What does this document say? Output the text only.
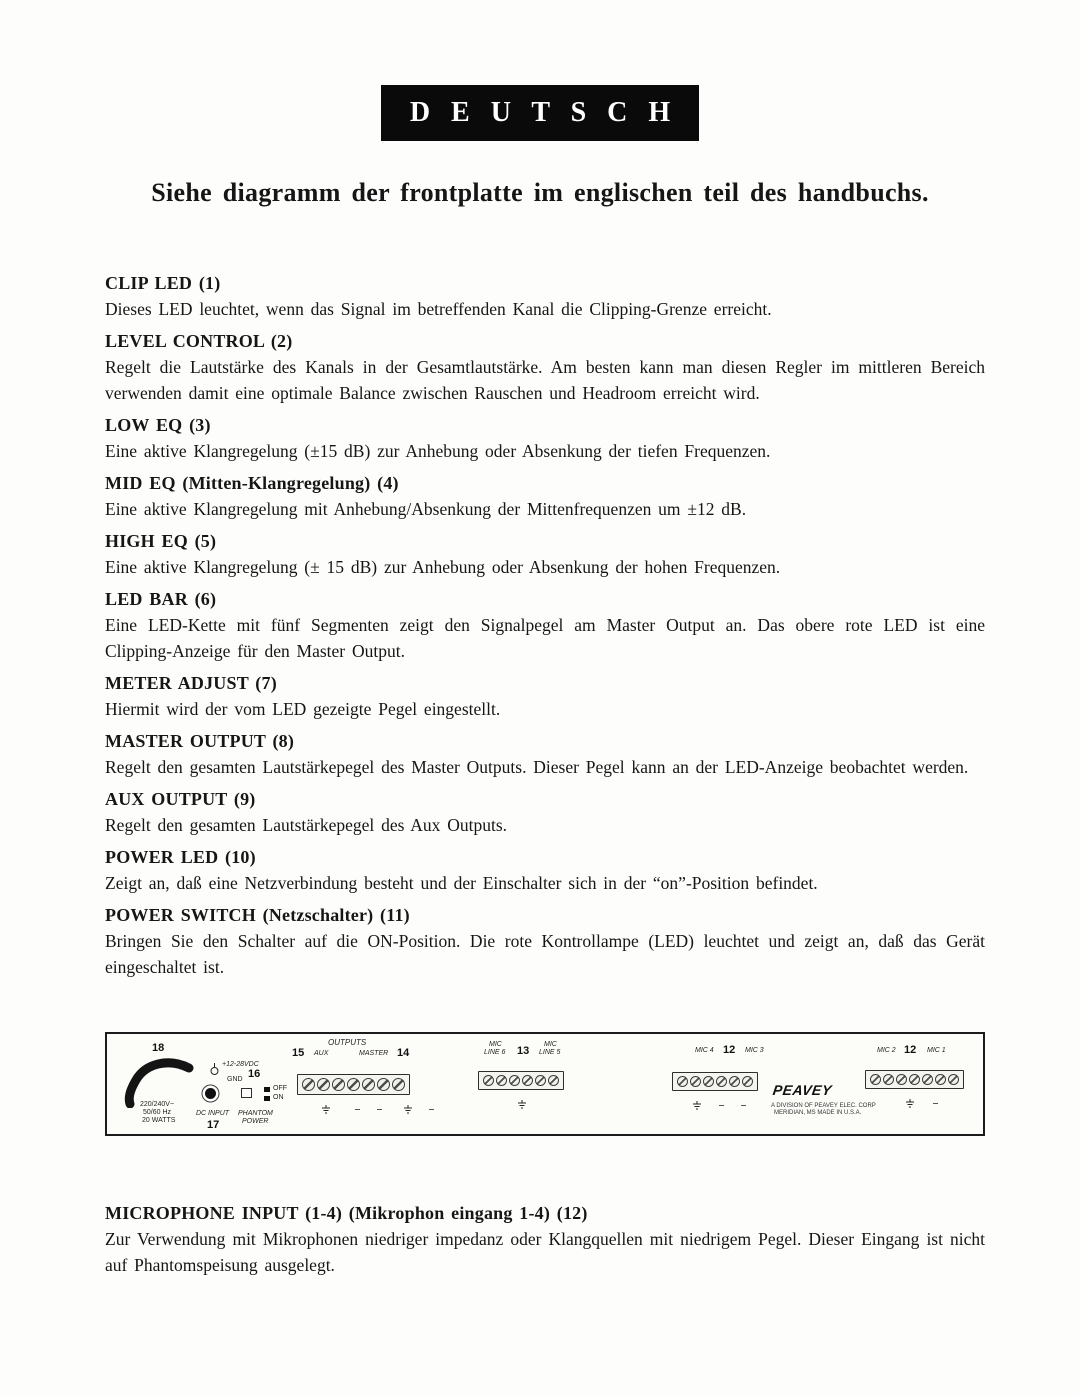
D E U T S C H
Siehe diagramm der frontplatte im englischen teil des handbuchs.
CLIP LED (1)

Dieses LED leuchtet, wenn das Signal im betreffenden Kanal die Clipping-Grenze erreicht.

LEVEL CONTROL (2)

Regelt die Lautstärke des Kanals in der Gesamtlautstärke. Am besten kann man diesen Regler im mittleren Bereich verwenden damit eine optimale Balance zwischen Rauschen und Headroom erreicht wird.

LOW EQ (3)

Eine aktive Klangregelung (±15 dB) zur Anhebung oder Absenkung der tiefen Frequenzen.

MID EQ (Mitten-Klangregelung) (4)

Eine aktive Klangregelung mit Anhebung/Absenkung der Mittenfrequenzen um ±12 dB.

HIGH EQ (5)

Eine aktive Klangregelung (± 15 dB) zur Anhebung oder Absenkung der hohen Frequenzen.

LED BAR (6)

Eine LED-Kette mit fünf Segmenten zeigt den Signalpegel am Master Output an. Das obere rote LED ist eine Clipping-Anzeige für den Master Output.

METER ADJUST (7)

Hiermit wird der vom LED gezeigte Pegel eingestellt.

MASTER OUTPUT (8)

Regelt den gesamten Lautstärkepegel des Master Outputs. Dieser Pegel kann an der LED-Anzeige beobachtet werden.

AUX OUTPUT (9)

Regelt den gesamten Lautstärkepegel des Aux Outputs.

POWER LED (10)

Zeigt an, daß eine Netzverbindung besteht und der Einschalter sich in der “on”-Position befindet.

POWER SWITCH (Netzschalter) (11)

Bringen Sie den Schalter auf die ON-Position. Die rote Kontrollampe (LED) leuchtet und zeigt an, daß das Gerät eingeschaltet ist.

18
220/240V~
50/60 Hz
20 WATTS
+12-28VDC
GND 16
OFF
ON
DC INPUT
17
PHANTOM
POWER
OUTPUTS
15 AUX	MASTER 14
MIC
LINE 6 13
MIC
LINE 5	MIC 4 12 MIC 3
PEAVEY
A DIVISION OF PEAVEY ELEC. CORP
MERIDIAN, MS MADE IN U.S.A.
MIC 2 12 MIC 1
MICROPHONE INPUT (1-4) (Mikrophon eingang 1-4) (12)

Zur Verwendung mit Mikrophonen niedriger impedanz oder Klangquellen mit niedrigem Pegel. Dieser Eingang ist nicht auf Phantomspeisung ausgelegt.
